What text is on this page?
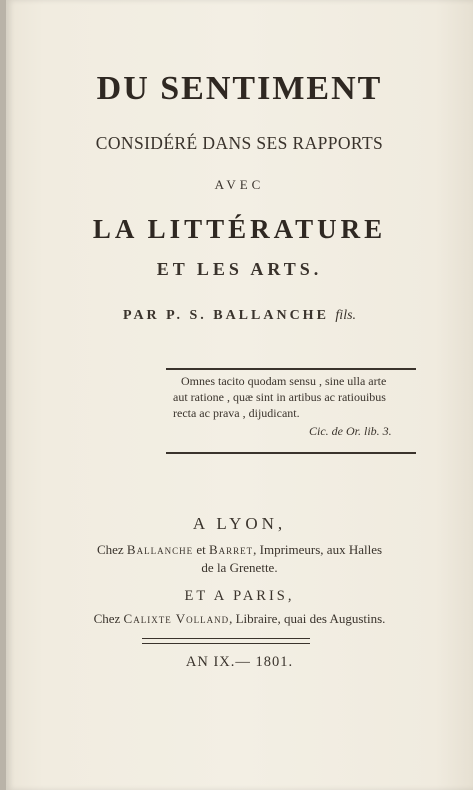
DU SENTIMENT
CONSIDÉRÉ DANS SES RAPPORTS
AVEC
LA LITTÉRATURE
ET LES ARTS.
PAR P. S. BALLANCHE fils.
Omnes tacito quodam sensu , sine ulla arte
aut ratione , quæ sint in artibus ac ratiouibus
recta ac prava , dijudicant.
Cic. de Or. lib. 3.
A LYON,
Chez Ballanche et Barret, Imprimeurs, aux Halles
de la Grenette.
ET A PARIS,
Chez Calixte Volland, Libraire, quai des Augustins.
AN IX.— 1801.
